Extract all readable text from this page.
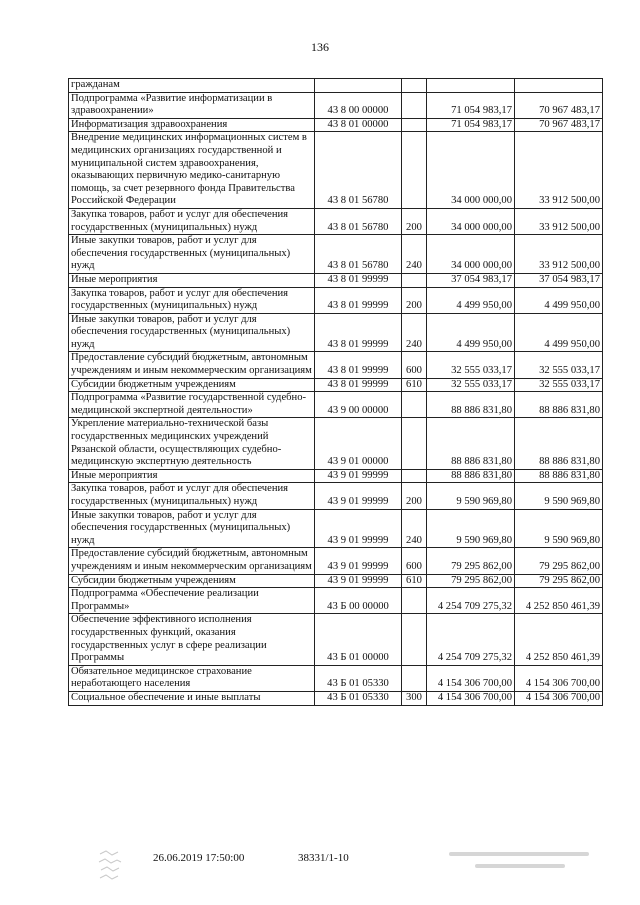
136
гражданам				
Подпрограмма «Развитие информатизации в здравоохранении»	43 8 00 00000		71 054 983,17	70 967 483,17
Информатизация здравоохранения	43 8 01 00000		71 054 983,17	70 967 483,17
Внедрение медицинских информационных систем в медицинских организациях государственной и муниципальной систем здравоохранения, оказывающих первичную медико-санитарную помощь, за счет резервного фонда Правительства Российской Федерации	43 8 01 56780		34 000 000,00	33 912 500,00
Закупка товаров, работ и услуг для обеспечения государственных (муниципальных) нужд	43 8 01 56780	200	34 000 000,00	33 912 500,00
Иные закупки товаров, работ и услуг для обеспечения государственных (муниципальных) нужд	43 8 01 56780	240	34 000 000,00	33 912 500,00
Иные мероприятия	43 8 01 99999		37 054 983,17	37 054 983,17
Закупка товаров, работ и услуг для обеспечения государственных (муниципальных) нужд	43 8 01 99999	200	4 499 950,00	4 499 950,00
Иные закупки товаров, работ и услуг для обеспечения государственных (муниципальных) нужд	43 8 01 99999	240	4 499 950,00	4 499 950,00
Предоставление субсидий бюджетным, автономным учреждениям и иным некоммерческим организациям	43 8 01 99999	600	32 555 033,17	32 555 033,17
Субсидии бюджетным учреждениям	43 8 01 99999	610	32 555 033,17	32 555 033,17
Подпрограмма «Развитие государственной судебно-медицинской экспертной деятельности»	43 9 00 00000		88 886 831,80	88 886 831,80
Укрепление материально-технической базы государственных медицинских учреждений Рязанской области, осуществляющих судебно-медицинскую экспертную деятельность	43 9 01 00000		88 886 831,80	88 886 831,80
Иные мероприятия	43 9 01 99999		88 886 831,80	88 886 831,80
Закупка товаров, работ и услуг для обеспечения государственных (муниципальных) нужд	43 9 01 99999	200	9 590 969,80	9 590 969,80
Иные закупки товаров, работ и услуг для обеспечения государственных (муниципальных) нужд	43 9 01 99999	240	9 590 969,80	9 590 969,80
Предоставление субсидий бюджетным, автономным учреждениям и иным некоммерческим организациям	43 9 01 99999	600	79 295 862,00	79 295 862,00
Субсидии бюджетным учреждениям	43 9 01 99999	610	79 295 862,00	79 295 862,00
Подпрограмма «Обеспечение реализации Программы»	43 Б 00 00000		4 254 709 275,32	4 252 850 461,39
Обеспечение эффективного исполнения государственных функций, оказания государственных услуг в сфере реализации Программы	43 Б 01 00000		4 254 709 275,32	4 252 850 461,39
Обязательное медицинское страхование неработающего населения	43 Б 01 05330		4 154 306 700,00	4 154 306 700,00
Социальное обеспечение и иные выплаты	43 Б 01 05330	300	4 154 306 700,00	4 154 306 700,00
26.06.2019 17:50:00	38331/1-10
